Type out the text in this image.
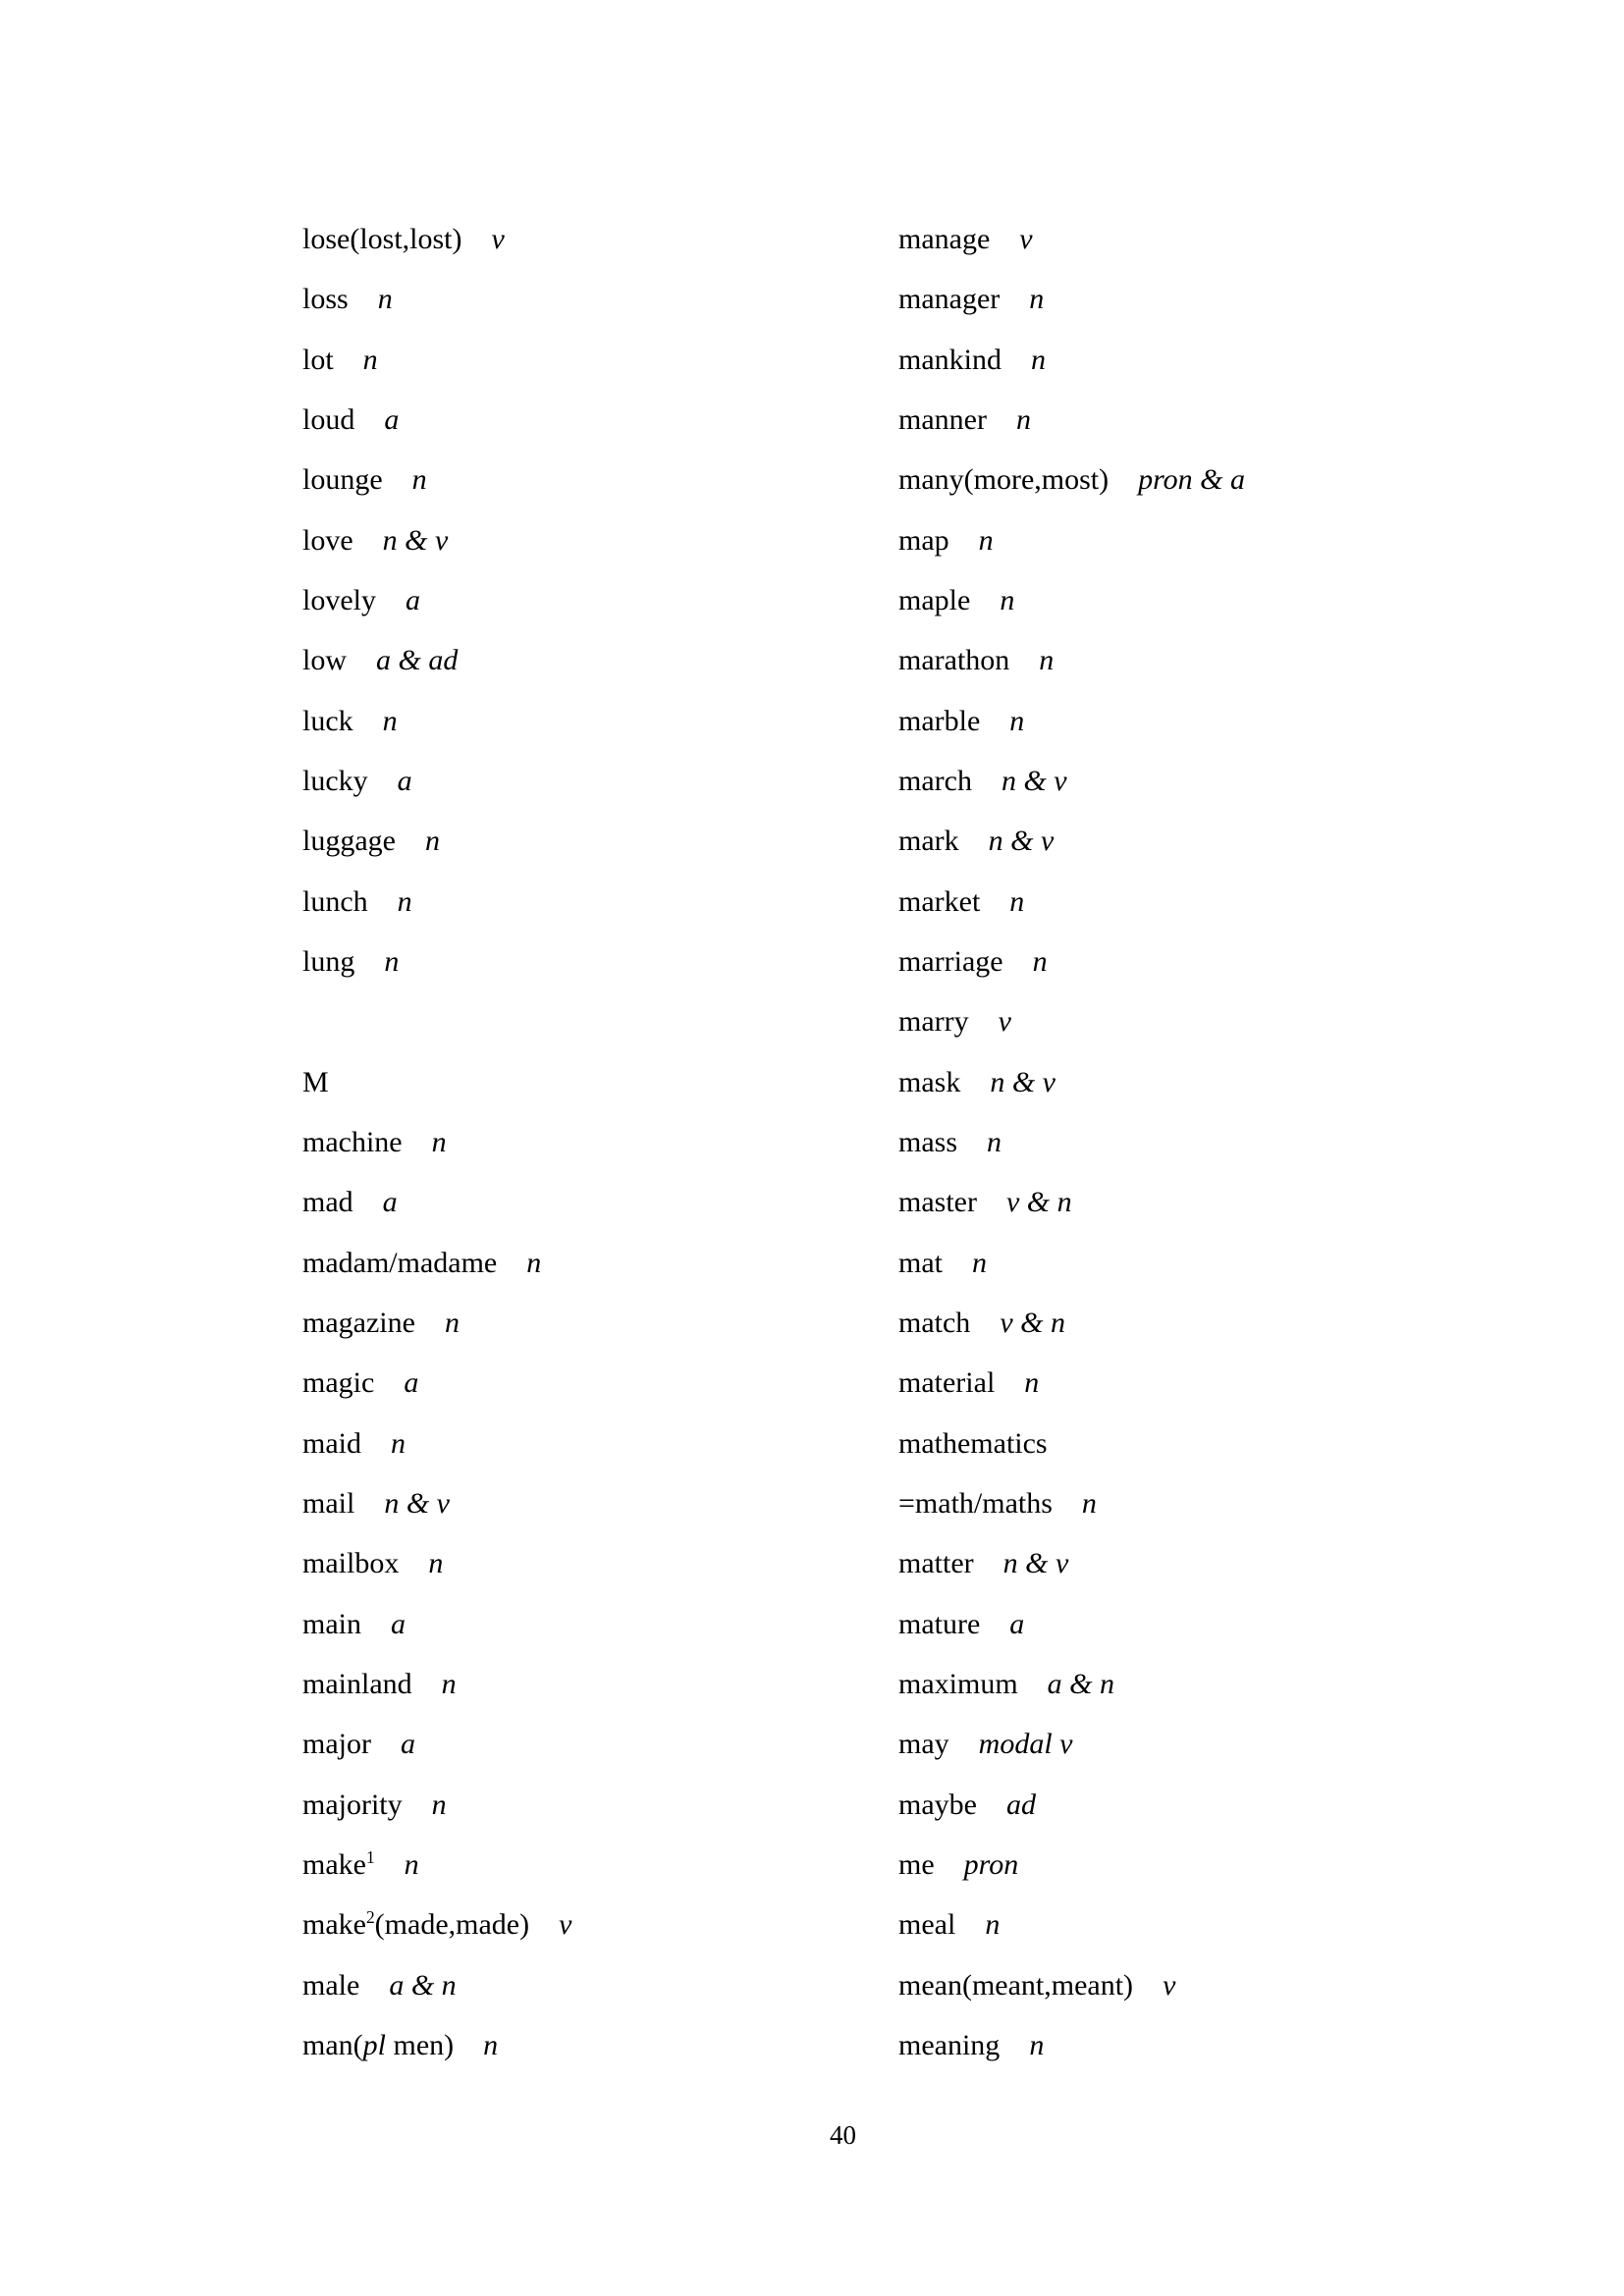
lose(lost,lost) v
loss n
lot n
loud a
lounge n
love n & v
lovely a
low a & ad
luck n
lucky a
luggage n
lunch n
lung n
M
machine n
mad a
madam/madame n
magazine n
magic a
maid n
mail n & v
mailbox n
main a
mainland n
major a
majority n
make$^1$ n
make$^2$(made,made) v
male a & n
man(pl men) n
manage v
manager n
mankind n
manner n
many(more,most) pron & a
map n
maple n
marathon n
marble n
march n & v
mark n & v
market n
marriage n
marry v
mask n & v
mass n
master v & n
mat n
match v & n
material n
mathematics
=math/maths n
matter n & v
mature a
maximum a & n
may modal v
maybe ad
me pron
meal n
mean(meant,meant) v
meaning n
40
